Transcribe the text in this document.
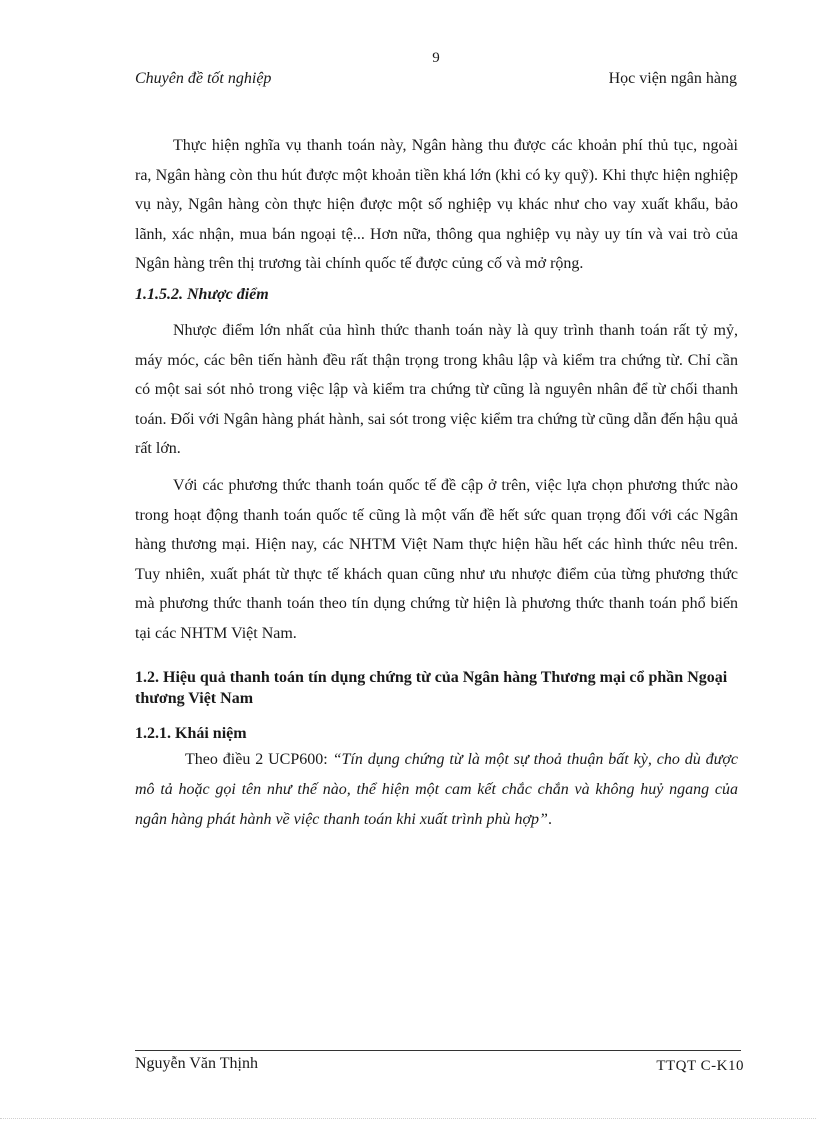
9
Chuyên đề tốt nghiệp	Học viện ngân hàng

Thực hiện nghĩa vụ thanh toán này, Ngân hàng thu được các khoản phí thủ tục, ngoài ra, Ngân hàng còn thu hút được một khoản tiền khá lớn (khi có ky quỹ). Khi thực hiện nghiệp vụ này, Ngân hàng còn thực hiện được một số nghiệp vụ khác như cho vay xuất khẩu, bảo lãnh, xác nhận, mua bán ngoại tệ... Hơn nữa, thông qua nghiệp vụ này uy tín và vai trò của Ngân hàng trên thị trương tài chính quốc tế được củng cố và mở rộng.

1.1.5.2. Nhược điểm

Nhược điểm lớn nhất của hình thức thanh toán này là quy trình thanh toán rất tỷ mỷ, máy móc, các bên tiến hành đều rất thận trọng trong khâu lập và kiểm tra chứng từ. Chỉ cần có một sai sót nhỏ trong việc lập và kiểm tra chứng từ cũng là nguyên nhân để từ chối thanh toán. Đối với Ngân hàng phát hành, sai sót trong việc kiểm tra chứng từ cũng dẫn đến hậu quả rất lớn.

Với các phương thức thanh toán quốc tế đề cập ở trên, việc lựa chọn phương thức nào trong hoạt động thanh toán quốc tế cũng là một vấn đề hết sức quan trọng đối với các Ngân hàng thương mại. Hiện nay, các NHTM Việt Nam thực hiện hầu hết các hình thức nêu trên. Tuy nhiên, xuất phát từ thực tế khách quan cũng như ưu nhược điểm của từng phương thức mà phương thức thanh toán theo tín dụng chứng từ hiện là phương thức thanh toán phổ biến tại các NHTM Việt Nam.

1.2. Hiệu quả thanh toán tín dụng chứng từ của Ngân hàng Thương mại cổ phần Ngoại thương Việt Nam

1.2.1. Khái niệm

Theo điều 2 UCP600: “Tín dụng chứng từ là một sự thoả thuận bất kỳ, cho dù được mô tả hoặc gọi tên như thế nào, thể hiện một cam kết chắc chắn và không huỷ ngang của ngân hàng phát hành về việc thanh toán khi xuất trình phù hợp”.

Nguyễn Văn Thịnh	TTQT C-K10
